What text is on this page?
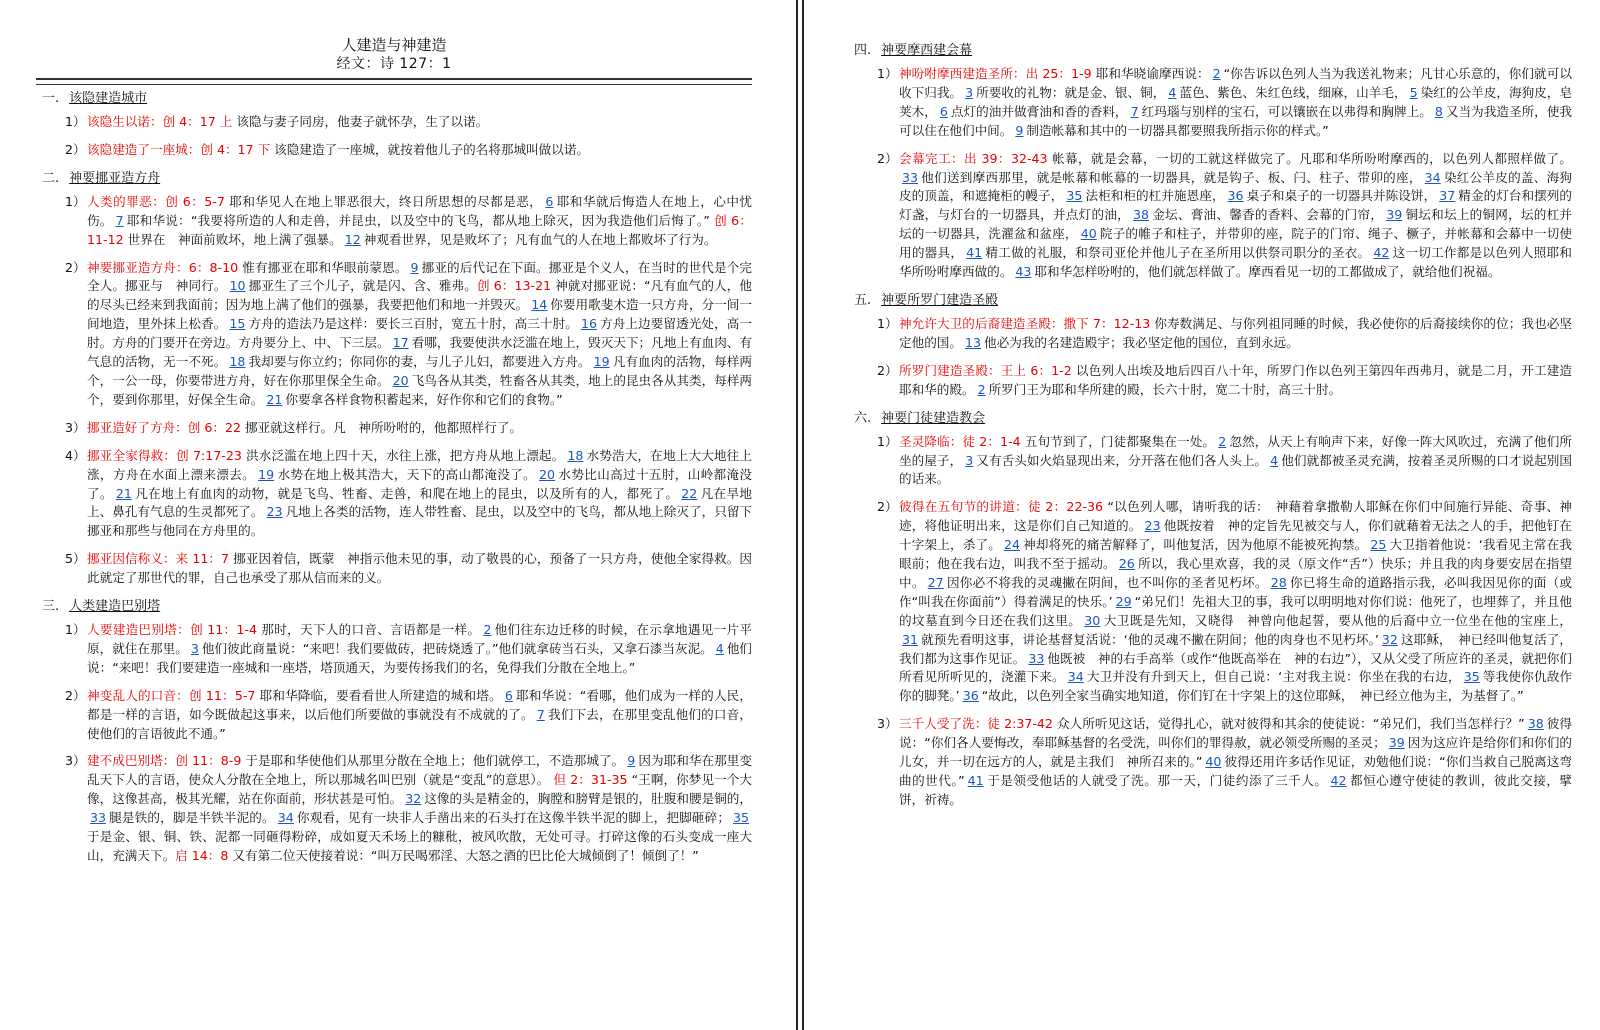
人建造与神建造
经文：诗 127：1
一. 该隐建造城市
1） 该隐生以诺：创 4：17 上 该隐与妻子同房，他妻子就怀孕，生了以诺。
2） 该隐建造了一座城：创 4：17 下 该隐建造了一座城，就按着他儿子的名将那城叫做以诺。
二. 神要挪亚造方舟
1） 人类的罪恶：创 6：5-7 耶和华见人在地上罪恶很大，终日所思想的尽都是恶， 6 耶和华就后悔造人在地上，心中忧伤。 7 耶和华说：“我要将所造的人和走兽，并昆虫，以及空中的飞鸟，都从地上除灭，因为我造他们后悔了。” 创 6：11-12 世界在　神面前败坏，地上满了强暴。 12 神观看世界，见是败坏了；凡有血气的人在地上都败坏了行为。
2） 神要挪亚造方舟：6：8-10 惟有挪亚在耶和华眼前蒙恩。 9 挪亚的后代记在下面。挪亚是个义人，在当时的世代是个完全人。挪亚与　神同行。 10 挪亚生了三个儿子，就是闪、含、雅弗。创 6：13-21 神就对挪亚说：“凡有血气的人，他的尽头已经来到我面前；因为地上满了他们的强暴，我要把他们和地一并毁灭。 14 你要用歌斐木造一只方舟，分一间一间地造，里外抹上松香。 15 方舟的造法乃是这样：要长三百肘，宽五十肘，高三十肘。 16 方舟上边要留透光处，高一肘。方舟的门要开在旁边。方舟要分上、中、下三层。 17 看哪，我要使洪水泛滥在地上，毁灭天下；凡地上有血肉、有气息的活物，无一不死。 18 我却要与你立约；你同你的妻，与儿子儿妇，都要进入方舟。 19 凡有血肉的活物，每样两个，一公一母，你要带进方舟，好在你那里保全生命。 20 飞鸟各从其类，牲畜各从其类，地上的昆虫各从其类，每样两个，要到你那里，好保全生命。 21 你要拿各样食物积蓄起来，好作你和它们的食物。”
3） 挪亚造好了方舟：创 6：22 挪亚就这样行。凡　神所吩咐的，他都照样行了。
4） 挪亚全家得救：创 7:17-23 洪水泛滥在地上四十天，水往上涨，把方舟从地上漂起。 18 水势浩大，在地上大大地往上涨，方舟在水面上漂来漂去。 19 水势在地上极其浩大，天下的高山都淹没了。 20 水势比山高过十五肘，山岭都淹没了。 21 凡在地上有血肉的动物，就是飞鸟、牲畜、走兽，和爬在地上的昆虫，以及所有的人，都死了。 22 凡在旱地上、鼻孔有气息的生灵都死了。 23 凡地上各类的活物，连人带牲畜、昆虫，以及空中的飞鸟，都从地上除灭了，只留下挪亚和那些与他同在方舟里的。
5） 挪亚因信称义：来 11：7 挪亚因着信，既蒙　神指示他未见的事，动了敬畏的心，预备了一只方舟，使他全家得救。因此就定了那世代的罪，自己也承受了那从信而来的义。
三. 人类建造巴别塔
1） 人要建造巴别塔：创 11：1-4 那时，天下人的口音、言语都是一样。 2 他们往东边迁移的时候，在示拿地遇见一片平原，就住在那里。 3 他们彼此商量说：“来吧！我们要做砖，把砖烧透了。”他们就拿砖当石头，又拿石漆当灰泥。 4 他们说：“来吧！我们要建造一座城和一座塔，塔顶通天，为要传扬我们的名，免得我们分散在全地上。”
2） 神变乱人的口音：创 11：5-7 耶和华降临，要看看世人所建造的城和塔。 6 耶和华说：“看哪，他们成为一样的人民，都是一样的言语，如今既做起这事来，以后他们所要做的事就没有不成就的了。 7 我们下去，在那里变乱他们的口音，使他们的言语彼此不通。”
3） 建不成巴别塔：创 11：8-9 于是耶和华使他们从那里分散在全地上；他们就停工，不造那城了。 9 因为耶和华在那里变乱天下人的言语，使众人分散在全地上，所以那城名叫巴别（就是“变乱”的意思）。 但 2：31-35 “王啊，你梦见一个大像，这像甚高，极其光耀，站在你面前，形状甚是可怕。 32 这像的头是精金的，胸膛和膀臂是银的，肚腹和腰是铜的，33 腿是铁的，脚是半铁半泥的。 34 你观看，见有一块非人手凿出来的石头打在这像半铁半泥的脚上，把脚砸碎； 35于是金、银、铜、铁、泥都一同砸得粉碎，成如夏天禾场上的糠秕，被风吹散，无处可寻。打碎这像的石头变成一座大山，充满天下。启 14：8 又有第二位天使接着说：“叫万民喝邪淫、大怒之酒的巴比伦大城倾倒了！倾倒了！”
四. 神要摩西建会幕
1） 神吩咐摩西建造圣所：出 25：1-9 耶和华晓谕摩西说： 2 “你告诉以色列人当为我送礼物来；凡甘心乐意的，你们就可以收下归我。 3 所要收的礼物：就是金、银、铜， 4 蓝色、紫色、朱红色线，细麻，山羊毛， 5 染红的公羊皮，海狗皮，皂荚木， 6 点灯的油并做膏油和香的香料， 7 红玛瑙与别样的宝石，可以镶嵌在以弗得和胸牌上。 8 又当为我造圣所，使我可以住在他们中间。 9 制造帐幕和其中的一切器具都要照我所指示你的样式。”
2） 会幕完工：出 39：32-43 帐幕，就是会幕，一切的工就这样做完了。凡耶和华所吩咐摩西的，以色列人都照样做了。33 他们送到摩西那里，就是帐幕和帐幕的一切器具，就是钩子、板、闩、柱子、带卯的座， 34 染红公羊皮的盖、海狗皮的顶盖，和遮掩柜的幔子， 35 法柜和柜的杠并施恩座， 36 桌子和桌子的一切器具并陈设饼， 37 精金的灯台和摆列的灯盏，与灯台的一切器具，并点灯的油， 38 金坛、膏油、馨香的香料、会幕的门帘， 39 铜坛和坛上的铜网，坛的杠并坛的一切器具，洗濯盆和盆座， 40 院子的帷子和柱子，并带卯的座，院子的门帘、绳子、橛子，并帐幕和会幕中一切使用的器具， 41 精工做的礼服，和祭司亚伦并他儿子在圣所用以供祭司职分的圣衣。 42 这一切工作都是以色列人照耶和华所吩咐摩西做的。 43 耶和华怎样吩咐的，他们就怎样做了。摩西看见一切的工都做成了，就给他们祝福。
五. 神要所罗门建造圣殿
1） 神允许大卫的后裔建造圣殿：撒下 7：12-13 你寿数满足、与你列祖同睡的时候，我必使你的后裔接续你的位；我也必坚定他的国。 13 他必为我的名建造殿宇；我必坚定他的国位，直到永远。
2） 所罗门建造圣殿：王上 6：1-2 以色列人出埃及地后四百八十年，所罗门作以色列王第四年西弗月，就是二月，开工建造耶和华的殿。 2 所罗门王为耶和华所建的殿，长六十肘，宽二十肘，高三十肘。
六. 神要门徒建造教会
1） 圣灵降临：徒 2：1-4 五旬节到了，门徒都聚集在一处。 2 忽然，从天上有响声下来，好像一阵大风吹过，充满了他们所坐的屋子， 3 又有舌头如火焰显现出来，分开落在他们各人头上。 4 他们就都被圣灵充满，按着圣灵所赐的口才说起别国的话来。
2） 彼得在五旬节的讲道：徒 2：22-36 “以色列人哪，请听我的话：　神藉着拿撒勒人耶稣在你们中间施行异能、奇事、神迹，将他证明出来，这是你们自己知道的。 23 他既按着　神的定旨先见被交与人，你们就藉着无法之人的手，把他钉在十字架上，杀了。 24 神却将死的痛苦解释了，叫他复活，因为他原不能被死拘禁。 25 大卫指着他说：‘我看见主常在我眼前；他在我右边，叫我不至于摇动。 26 所以，我心里欢喜，我的灵（原文作“舌”）快乐；并且我的肉身要安居在指望中。 27 因你必不将我的灵魂撇在阴间，也不叫你的圣者见朽坏。 28 你已将生命的道路指示我，必叫我因见你的面（或作“叫我在你面前”）得着满足的快乐。’ 29 “弟兄们！先祖大卫的事，我可以明明地对你们说：他死了，也埋葬了，并且他的坟墓直到今日还在我们这里。 30 大卫既是先知，又晓得　神曾向他起誓，要从他的后裔中立一位坐在他的宝座上，31 就预先看明这事，讲论基督复活说：‘他的灵魂不撇在阴间；他的肉身也不见朽坏。’ 32 这耶稣，　神已经叫他复活了，我们都为这事作见证。 33 他既被　神的右手高举（或作“他既高举在　神的右边”），又从父受了所应许的圣灵，就把你们所看见所听见的，浇灌下来。 34 大卫并没有升到天上，但自己说：‘主对我主说：你坐在我的右边， 35 等我使你仇敌作你的脚凳。’ 36 “故此，以色列全家当确实地知道，你们钉在十字架上的这位耶稣，　神已经立他为主，为基督了。”
3） 三千人受了洗：徒 2:37-42 众人所听见这话，觉得扎心，就对彼得和其余的使徒说：“弟兄们，我们当怎样行？” 38 彼得说：“你们各人要悔改，奉耶稣基督的名受洗，叫你们的罪得赦，就必领受所赐的圣灵； 39 因为这应许是给你们和你们的儿女，并一切在远方的人，就是主我们　神所召来的。” 40 彼得还用许多话作见证，劝勉他们说：“你们当救自己脱离这弯曲的世代。” 41 于是领受他话的人就受了洗。那一天，门徒约添了三千人。 42 都恒心遵守使徒的教训，彼此交接，擘饼，祈祷。
